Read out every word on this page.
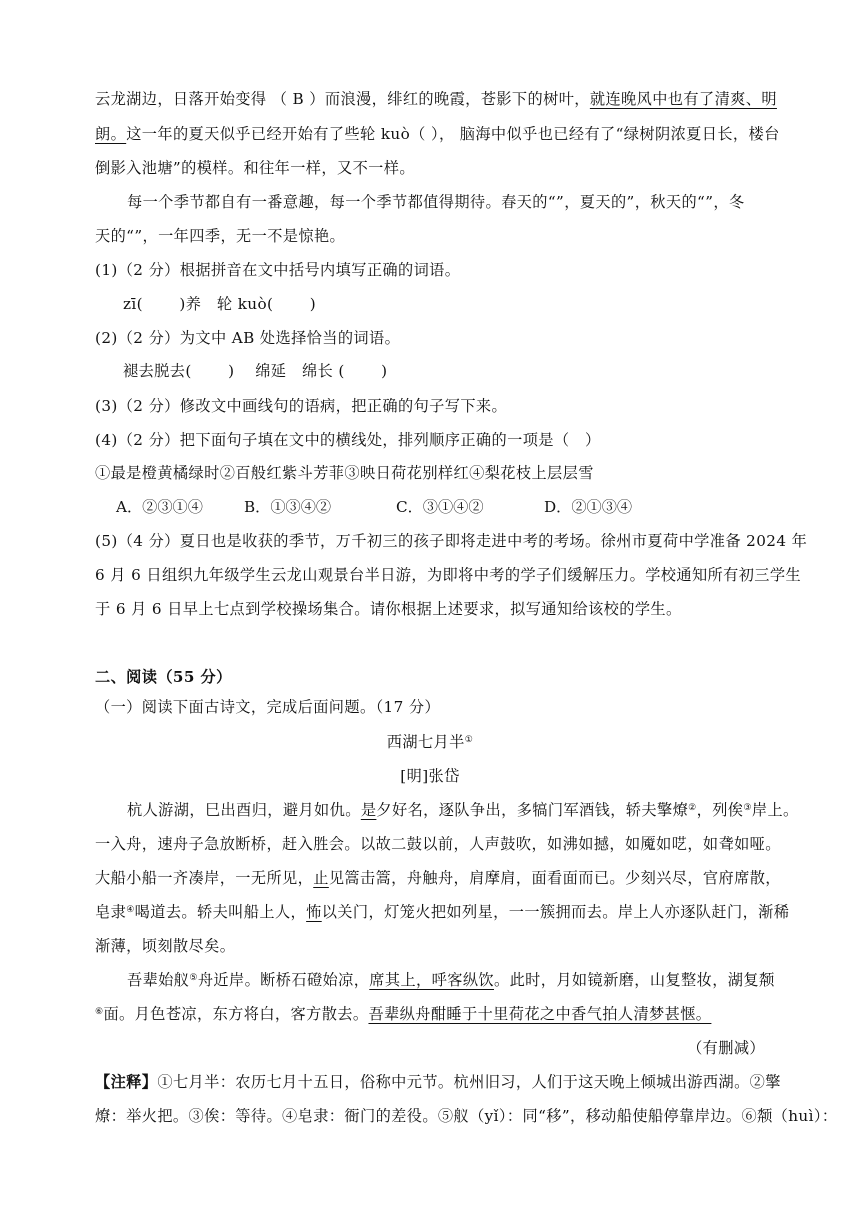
云龙湖边，日落开始变得 （ B ）而浪漫，绯红的晚霞，苍影下的树叶，就连晚风中也有了清爽、明
朗。这一年的夏天似乎已经开始有了些轮 kuò（ ）， 脑海中似乎也已经有了“绿树阴浓夏日长，楼台
倒影入池塘”的模样。和往年一样，又不一样。
每一个季节都自有一番意趣，每一个季节都值得期待。春天的“”，夏天的”，秋天的“”，冬
天的“”，一年四季，无一不是惊艳。
(1)（2 分）根据拼音在文中括号内填写正确的词语。
zī(　　 )养　轮 kuò(　　 )
(2)（2 分）为文中 AB 处选择恰当的词语。
褪去脱去(　　 )　 绵延　绵长 (　　 )
(3)（2 分）修改文中画线句的语病，把正确的句子写下来。
(4)（2 分）把下面句子填在文中的横线处，排列顺序正确的一项是（　）
①最是橙黄橘绿时②百般红紫斗芳菲③映日荷花别样红④梨花枝上层层雪
A．②③①④	B．①③④②	C．③①④②	D．②①③④
(5)（4 分）夏日也是收获的季节，万千初三的孩子即将走进中考的考场。徐州市夏荷中学准备 2024 年
6 月 6 日组织九年级学生云龙山观景台半日游，为即将中考的学子们缓解压力。学校通知所有初三学生
于 6 月 6 日早上七点到学校操场集合。请你根据上述要求，拟写通知给该校的学生。
二、阅读（55 分）
（一）阅读下面古诗文，完成后面问题。（17 分）
西湖七月半①
[明]张岱
杭人游湖，巳出酉归，避月如仇。是夕好名，逐队争出，多犒门军酒钱，轿夫擎燎②，列俟③岸上。
一入舟，速舟子急放断桥，赶入胜会。以故二鼓以前，人声鼓吹，如沸如撼，如魇如呓，如聋如哑。
大船小船一齐凑岸，一无所见，止见篙击篙，舟触舟，肩摩肩，面看面而已。少刻兴尽，官府席散，
皂隶④喝道去。轿夫叫船上人，怖以关门，灯笼火把如列星，一一簇拥而去。岸上人亦逐队赶门，渐稀
渐薄，顷刻散尽矣。
吾辈始舣⑤舟近岸。断桥石磴始凉，席其上，呼客纵饮。此时，月如镜新磨，山复整妆，湖复颒
⑥面。月色苍凉，东方将白，客方散去。吾辈纵舟酣睡于十里荷花之中香气拍人清梦甚惬。
（有删减）
【注释】①七月半：农历七月十五日，俗称中元节。杭州旧习，人们于这天晚上倾城出游西湖。②擎
燎：举火把。③俟：等待。④皂隶：衙门的差役。⑤舣（yǐ）：同“移”，移动船使船停靠岸边。⑥颒（huì）：
